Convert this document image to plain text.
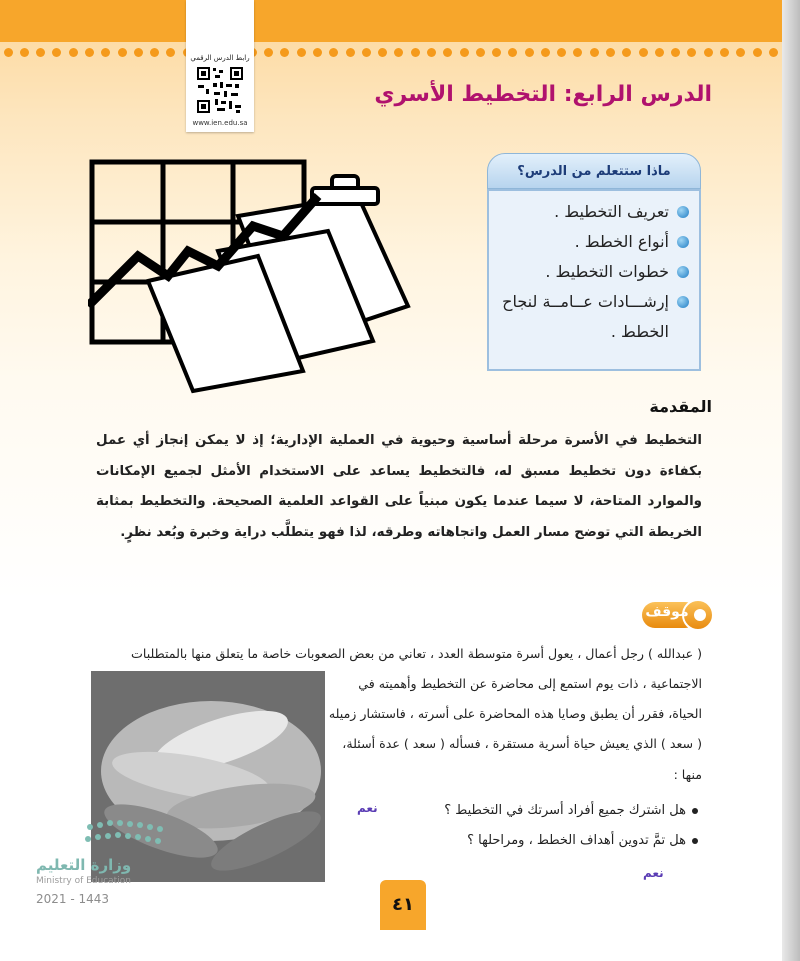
رابط الدرس الرقمي
www.ien.edu.sa
الدرس الرابع: التخطيط الأسري
ماذا ستتعلم من الدرس؟
تعريف التخطيط .
أنواع الخطط .
خطوات التخطيط .
إرشـــادات عــامــة لنجاح الخطط .
المقدمة
التخطيط في الأسرة مرحلة أساسية وحيوية في العملية الإدارية؛ إذ لا يمكن إنجاز أي عمل بكفاءة دون تخطيط مسبق له، فالتخطيط يساعد على الاستخدام الأمثل لجميع الإمكانات والموارد المتاحة، لا سيما عندما يكون مبنياً على القواعد العلمية الصحيحة. والتخطيط بمثابة الخريطة التي توضح مسار العمل واتجاهاته وطرقه، لذا فهو يتطلَّب دراية وخبرة وبُعد نظرٍ.
موقف
( عبدالله ) رجل أعمال ، يعول أسرة متوسطة العدد ، تعاني من بعض الصعوبات خاصة ما يتعلق منها بالمتطلبات
الاجتماعية ، ذات يوم استمع إلى محاضرة عن التخطيط وأهميته في
الحياة، فقرر أن يطبق وصايا هذه المحاضرة على أسرته ، فاستشار زميله
( سعد ) الذي يعيش حياة أسرية مستقرة ، فسأله ( سعد ) عدة أسئلة،
منها :
هل اشترك جميع أفراد أسرتك في التخطيط ؟
نعم
هل تمَّ تدوين أهداف الخطط ، ومراحلها ؟
نعم
٤١
وزارة التعليم
Ministry of Education
2021 - 1443
